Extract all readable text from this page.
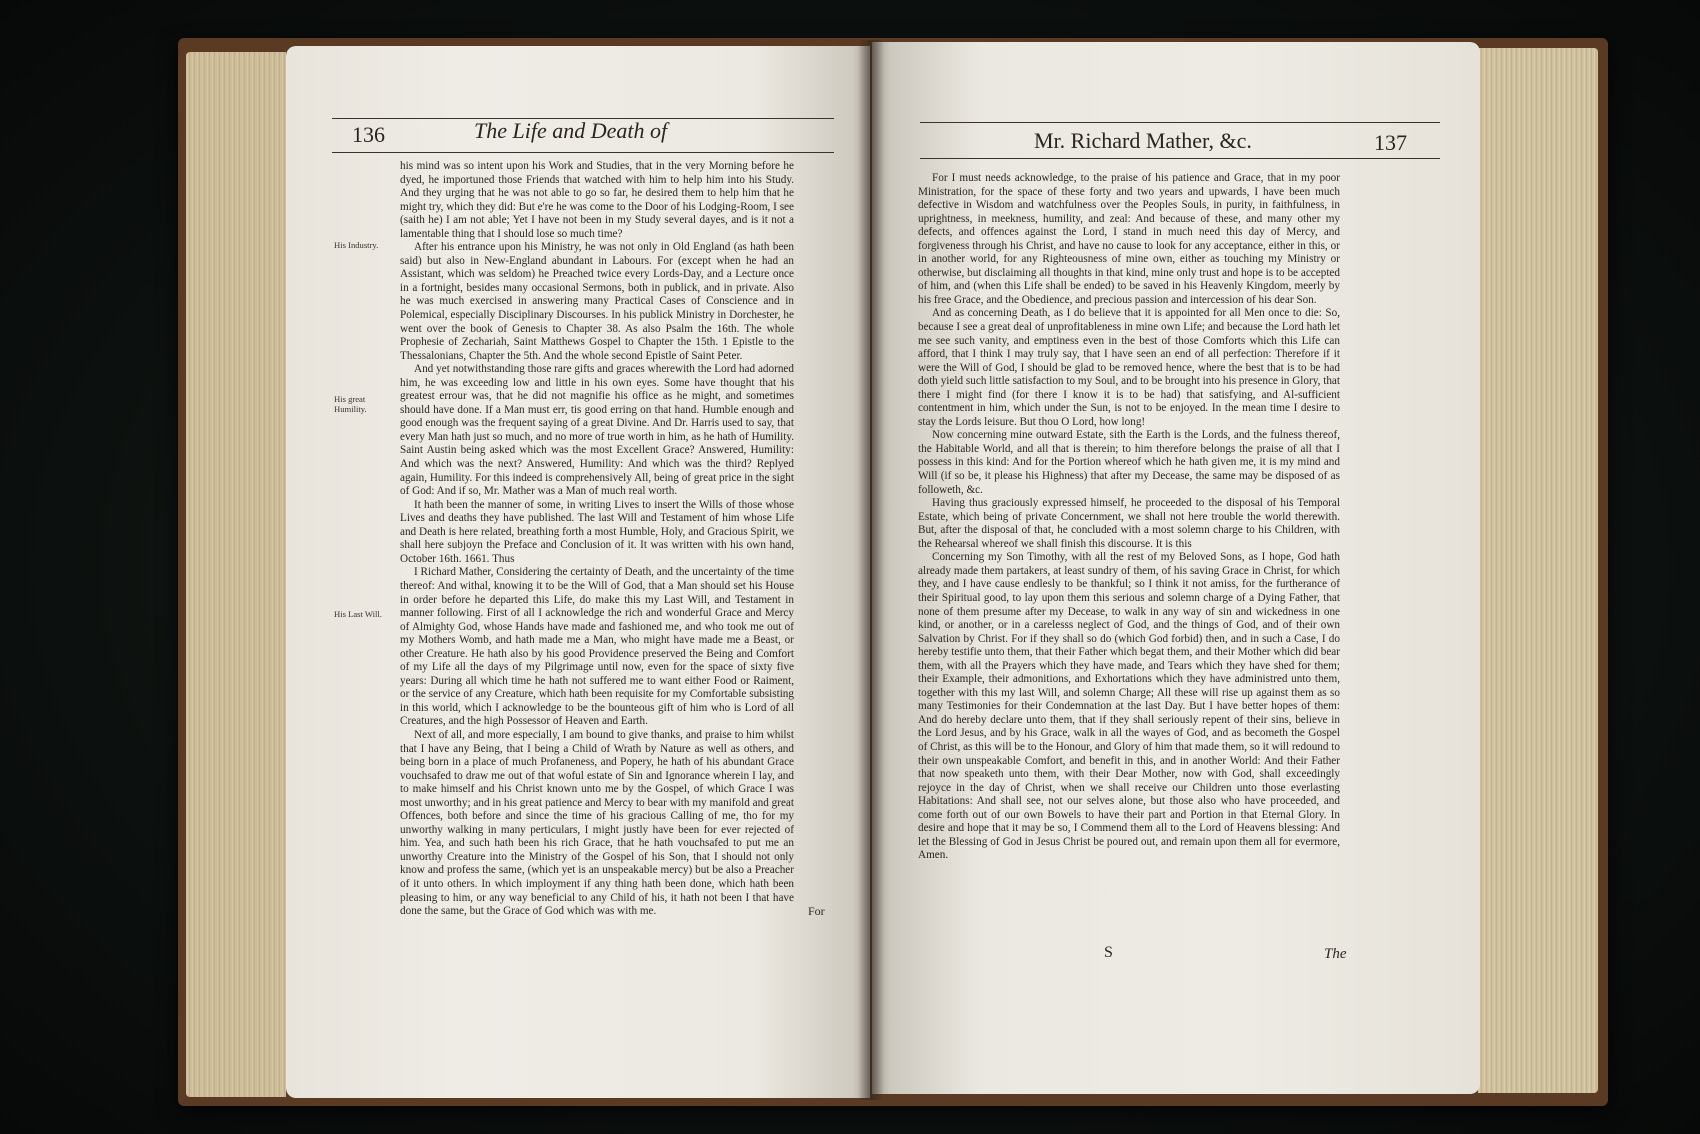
136	The Life and Death of
His Industry.
His great Humility.
His Last Will.

his mind was so intent upon his Work and Studies, that in the very Morning before he dyed, he importuned those Friends that watched with him to help him into his Study. And they urging that he was not able to go so far, he desired them to help him that he might try, which they did: But e're he was come to the Door of his Lodging-Room, I see (saith he) I am not able; Yet I have not been in my Study several dayes, and is it not a lamentable thing that I should lose so much time?

After his entrance upon his Ministry, he was not only in Old England (as hath been said) but also in New-England abundant in Labours. For (except when he had an Assistant, which was seldom) he Preached twice every Lords-Day, and a Lecture once in a fortnight, besides many occasional Sermons, both in publick, and in private. Also he was much exercised in answering many Practical Cases of Conscience and in Polemical, especially Disciplinary Discourses. In his publick Ministry in Dorchester, he went over the book of Genesis to Chapter 38. As also Psalm the 16th. The whole Prophesie of Zechariah, Saint Matthews Gospel to Chapter the 15th. 1 Epistle to the Thessalonians, Chapter the 5th. And the whole second Epistle of Saint Peter.

And yet notwithstanding those rare gifts and graces wherewith the Lord had adorned him, he was exceeding low and little in his own eyes. Some have thought that his greatest errour was, that he did not magnifie his office as he might, and sometimes should have done. If a Man must err, tis good erring on that hand. Humble enough and good enough was the frequent saying of a great Divine. And Dr. Harris used to say, that every Man hath just so much, and no more of true worth in him, as he hath of Humility. Saint Austin being asked which was the most Excellent Grace? Answered, Humility: And which was the next? Answered, Humility: And which was the third? Replyed again, Humility. For this indeed is comprehensively All, being of great price in the sight of God: And if so, Mr. Mather was a Man of much real worth.

It hath been the manner of some, in writing Lives to insert the Wills of those whose Lives and deaths they have published. The last Will and Testament of him whose Life and Death is here related, breathing forth a most Humble, Holy, and Gracious Spirit, we shall here subjoyn the Preface and Conclusion of it. It was written with his own hand, October 16th. 1661. Thus

I Richard Mather, Considering the certainty of Death, and the uncertainty of the time thereof: And withal, knowing it to be the Will of God, that a Man should set his House in order before he departed this Life, do make this my Last Will, and Testament in manner following. First of all I acknowledge the rich and wonderful Grace and Mercy of Almighty God, whose Hands have made and fashioned me, and who took me out of my Mothers Womb, and hath made me a Man, who might have made me a Beast, or other Creature. He hath also by his good Providence preserved the Being and Comfort of my Life all the days of my Pilgrimage until now, even for the space of sixty five years: During all which time he hath not suffered me to want either Food or Raiment, or the service of any Creature, which hath been requisite for my Comfortable subsisting in this world, which I acknowledge to be the bounteous gift of him who is Lord of all Creatures, and the high Possessor of Heaven and Earth.

Next of all, and more especially, I am bound to give thanks, and praise to him whilst that I have any Being, that I being a Child of Wrath by Nature as well as others, and being born in a place of much Profaneness, and Popery, he hath of his abundant Grace vouchsafed to draw me out of that woful estate of Sin and Ignorance wherein I lay, and to make himself and his Christ known unto me by the Gospel, of which Grace I was most unworthy; and in his great patience and Mercy to bear with my manifold and great Offences, both before and since the time of his gracious Calling of me, tho for my unworthy walking in many perticulars, I might justly have been for ever rejected of him. Yea, and such hath been his rich Grace, that he hath vouchsafed to put me an unworthy Creature into the Ministry of the Gospel of his Son, that I should not only know and profess the same, (which yet is an unspeakable mercy) but be also a Preacher of it unto others. In which imployment if any thing hath been done, which hath been pleasing to him, or any way beneficial to any Child of his, it hath not been I that have done the same, but the Grace of God which was with me.	For
Mr. Richard Mather, &c.	137

For I must needs acknowledge, to the praise of his patience and Grace, that in my poor Ministration, for the space of these forty and two years and upwards, I have been much defective in Wisdom and watchfulness over the Peoples Souls, in purity, in faithfulness, in uprightness, in meekness, humility, and zeal: And because of these, and many other my defects, and offences against the Lord, I stand in much need this day of Mercy, and forgiveness through his Christ, and have no cause to look for any acceptance, either in this, or in another world, for any Righteousness of mine own, either as touching my Ministry or otherwise, but disclaiming all thoughts in that kind, mine only trust and hope is to be accepted of him, and (when this Life shall be ended) to be saved in his Heavenly Kingdom, meerly by his free Grace, and the Obedience, and precious passion and intercession of his dear Son.

And as concerning Death, as I do believe that it is appointed for all Men once to die: So, because I see a great deal of unprofitableness in mine own Life; and because the Lord hath let me see such vanity, and emptiness even in the best of those Comforts which this Life can afford, that I think I may truly say, that I have seen an end of all perfection: Therefore if it were the Will of God, I should be glad to be removed hence, where the best that is to be had doth yield such little satisfaction to my Soul, and to be brought into his presence in Glory, that there I might find (for there I know it is to be had) that satisfying, and Al-sufficient contentment in him, which under the Sun, is not to be enjoyed. In the mean time I desire to stay the Lords leisure. But thou O Lord, how long!

Now concerning mine outward Estate, sith the Earth is the Lords, and the fulness thereof, the Habitable World, and all that is therein; to him therefore belongs the praise of all that I possess in this kind: And for the Portion whereof which he hath given me, it is my mind and Will (if so be, it please his Highness) that after my Decease, the same may be disposed of as followeth, &c.

Having thus graciously expressed himself, he proceeded to the disposal of his Temporal Estate, which being of private Concernment, we shall not here trouble the world therewith. But, after the disposal of that, he concluded with a most solemn charge to his Children, with the Rehearsal whereof we shall finish this discourse. It is this

Concerning my Son Timothy, with all the rest of my Beloved Sons, as I hope, God hath already made them partakers, at least sundry of them, of his saving Grace in Christ, for which they, and I have cause endlesly to be thankful; so I think it not amiss, for the furtherance of their Spiritual good, to lay upon them this serious and solemn charge of a Dying Father, that none of them presume after my Decease, to walk in any way of sin and wickedness in one kind, or another, or in a carelesss neglect of God, and the things of God, and of their own Salvation by Christ. For if they shall so do (which God forbid) then, and in such a Case, I do hereby testifie unto them, that their Father which begat them, and their Mother which did bear them, with all the Prayers which they have made, and Tears which they have shed for them; their Example, their admonitions, and Exhortations which they have administred unto them, together with this my last Will, and solemn Charge; All these will rise up against them as so many Testimonies for their Condemnation at the last Day. But I have better hopes of them: And do hereby declare unto them, that if they shall seriously repent of their sins, believe in the Lord Jesus, and by his Grace, walk in all the wayes of God, and as becometh the Gospel of Christ, as this will be to the Honour, and Glory of him that made them, so it will redound to their own unspeakable Comfort, and benefit in this, and in another World: And their Father that now speaketh unto them, with their Dear Mother, now with God, shall exceedingly rejoyce in the day of Christ, when we shall receive our Children unto those everlasting Habitations: And shall see, not our selves alone, but those also who have proceeded, and come forth out of our own Bowels to have their part and Portion in that Eternal Glory. In desire and hope that it may be so, I Commend them all to the Lord of Heavens blessing: And let the Blessing of God in Jesus Christ be poured out, and remain upon them all for evermore, Amen.

S	The
